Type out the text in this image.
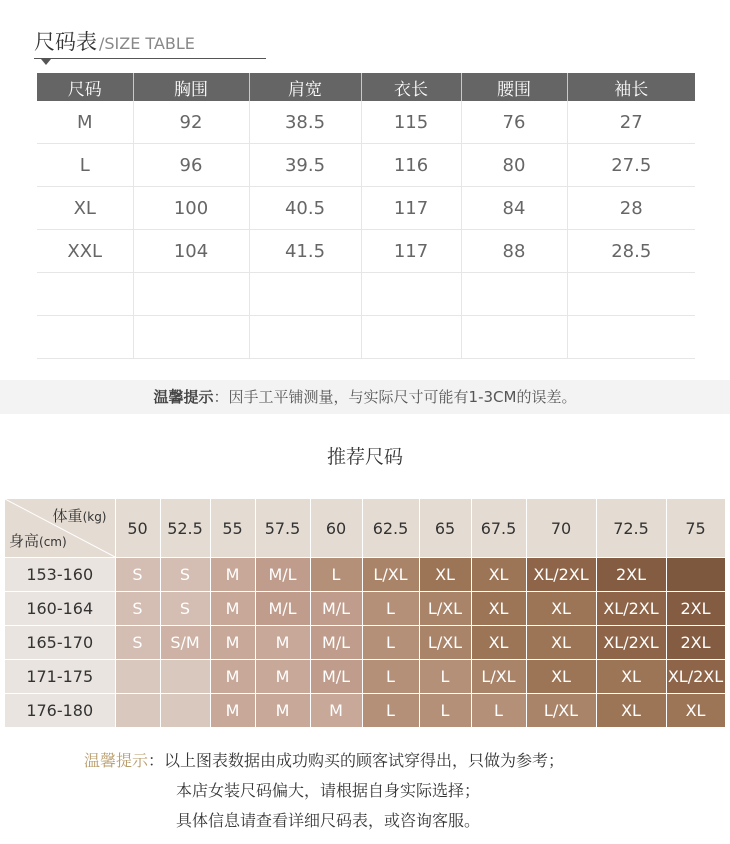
尺码表 /SIZE TABLE
尺码	胸围	肩宽	衣长	腰围	袖长
M	92	38.5	115	76	27
L	96	39.5	116	80	27.5
XL	100	40.5	117	84	28
XXL	104	41.5	117	88	28.5

温馨提示：因手工平铺测量，与实际尺寸可能有1-3CM的误差。
推荐尺码
体重(kg)
身高(cm)	50	52.5	55	57.5	60	62.5	65	67.5	70	72.5	75
153-160	S	S	M	M/L	L	L/XL	XL	XL	XL/2XL	2XL	
160-164	S	S	M	M/L	M/L	L	L/XL	XL	XL	XL/2XL	2XL
165-170	S	S/M	M	M	M/L	L	L/XL	XL	XL	XL/2XL	2XL
171-175			M	M	M/L	L	L	L/XL	XL	XL	XL/2XL
176-180			M	M	M	L	L	L	L/XL	XL	XL
温馨提示：以上图表数据由成功购买的顾客试穿得出，只做为参考；
本店女装尺码偏大，请根据自身实际选择；
具体信息请查看详细尺码表，或咨询客服。
